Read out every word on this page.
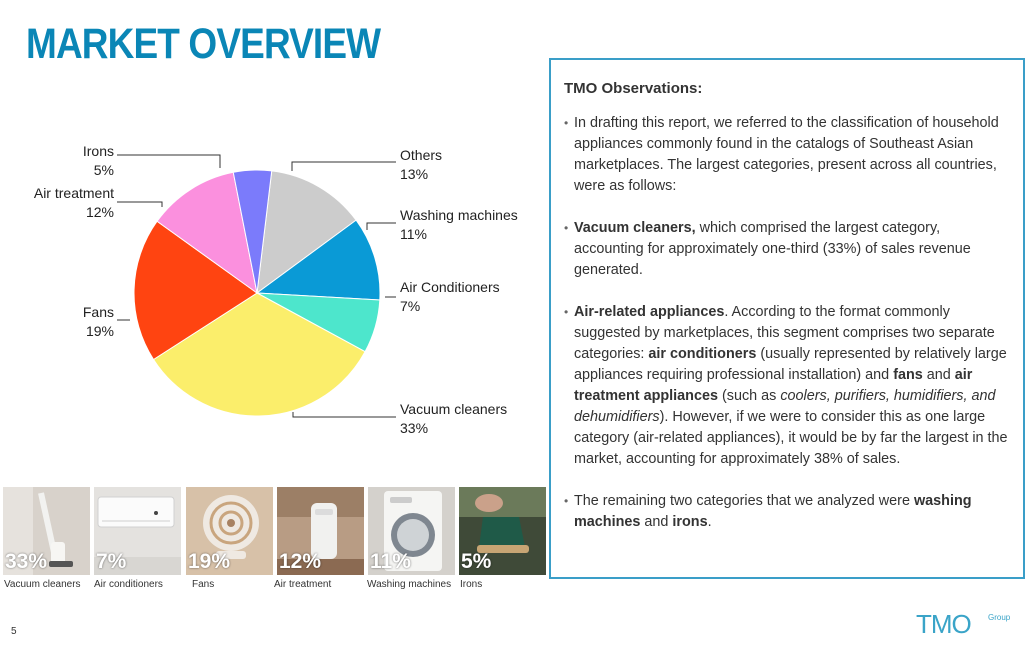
MARKET OVERVIEW
Irons
5%
Air treatment
12%
Fans
19%
Others
13%
Washing machines
11%
Air Conditioners
7%
Vacuum cleaners
33%
33% 7%	19% 12% 11% 5%
Vacuum cleaners Air conditioners	Fans	Air treatment	Washing machines Irons
TMO Observations:
• In drafting this report, we referred to the classification of household appliances commonly found in the catalogs of Southeast Asian marketplaces. The largest categories, present across all countries, were as follows:
• Vacuum cleaners, which comprised the largest category, accounting for approximately one-third (33%) of sales revenue generated.
• Air-related appliances. According to the format commonly suggested by marketplaces, this segment comprises two separate categories: air conditioners (usually represented by relatively large appliances requiring professional installation) and fans and air treatment appliances (such as coolers, purifiers, humidifiers, and dehumidifiers). However, if we were to consider this as one large category (air-related appliances), it would be by far the largest in the market, accounting for approximately 38% of sales.
• The remaining two categories that we analyzed were washing machines and irons.
5	TMO Group
